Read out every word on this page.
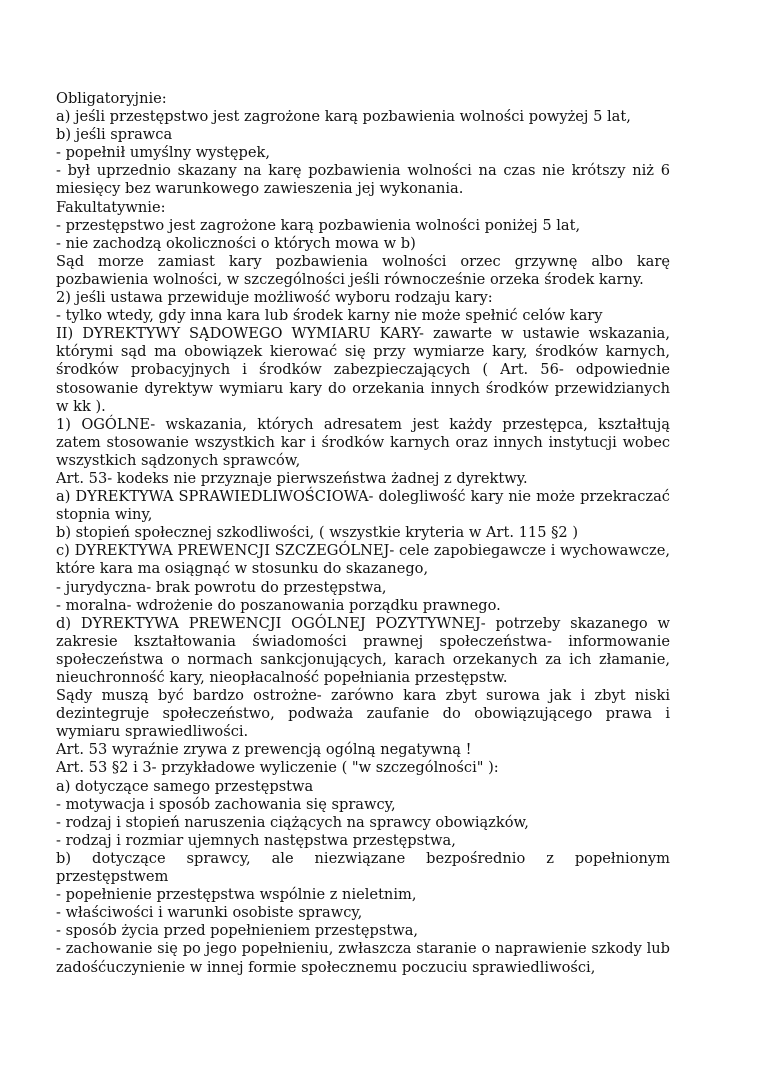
Obligatoryjnie:

a) jeśli przestępstwo jest zagrożone karą pozbawienia wolności powyżej 5 lat,

b) jeśli sprawca

- popełnił umyślny występek,

- był uprzednio skazany na karę pozbawienia wolności na czas nie krótszy niż 6 miesięcy bez warunkowego zawieszenia jej wykonania.

Fakultatywnie:

- przestępstwo jest zagrożone karą pozbawienia wolności poniżej 5 lat,

- nie zachodzą okoliczności o których mowa w b)

Sąd morze zamiast kary pozbawienia wolności orzec grzywnę albo karę pozbawienia wolności, w szczególności jeśli równocześnie orzeka środek karny.

2) jeśli ustawa przewiduje możliwość wyboru rodzaju kary:

- tylko wtedy, gdy inna kara lub środek karny nie może spełnić celów kary

II) DYREKTYWY SĄDOWEGO WYMIARU KARY- zawarte w ustawie wskazania, którymi sąd ma obowiązek kierować się przy wymiarze kary, środków karnych, środków probacyjnych i środków zabezpieczających ( Art. 56- odpowiednie stosowanie dyrektyw wymiaru kary do orzekania innych środków przewidzianych w kk ).

1) OGÓLNE- wskazania, których adresatem jest każdy przestępca, kształtują zatem stosowanie wszystkich kar i środków karnych oraz innych instytucji wobec wszystkich sądzonych sprawców,

Art. 53- kodeks nie przyznaje pierwszeństwa żadnej z dyrektwy.

a) DYREKTYWA SPRAWIEDLIWOŚCIOWA- dolegliwość kary nie może przekraczać stopnia winy,

b) stopień społecznej szkodliwości, ( wszystkie kryteria w Art. 115 §2 )

c) DYREKTYWA PREWENCJI SZCZEGÓLNEJ- cele zapobiegawcze i wychowawcze, które kara ma osiągnąć w stosunku do skazanego,

- jurydyczna- brak powrotu do przestępstwa,

- moralna- wdrożenie do poszanowania porządku prawnego.

d) DYREKTYWA PREWENCJI OGÓLNEJ POZYTYWNEJ- potrzeby skazanego w zakresie kształtowania świadomości prawnej społeczeństwa- informowanie społeczeństwa o normach sankcjonujących, karach orzekanych za ich złamanie, nieuchronność kary, nieopłacalność popełniania przestępstw.

Sądy muszą być bardzo ostrożne- zarówno kara zbyt surowa jak i zbyt niski dezintegruje społeczeństwo, podważa zaufanie do obowiązującego prawa i wymiaru sprawiedliwości.

Art. 53 wyraźnie zrywa z prewencją ogólną negatywną !

Art. 53 §2 i 3- przykładowe wyliczenie ( "w szczególności" ):

a) dotyczące samego przestępstwa

- motywacja i sposób zachowania się sprawcy,

- rodzaj i stopień naruszenia ciążących na sprawcy obowiązków,

- rodzaj i rozmiar ujemnych następstwa przestępstwa,

b) dotyczące sprawcy, ale niezwiązane bezpośrednio z popełnionym przestępstwem

- popełnienie przestępstwa wspólnie z nieletnim,

- właściwości i warunki osobiste sprawcy,

- sposób życia przed popełnieniem przestępstwa,

- zachowanie się po jego popełnieniu, zwłaszcza staranie o naprawienie szkody lub zadośćuczynienie w innej formie społecznemu poczuciu sprawiedliwości,
